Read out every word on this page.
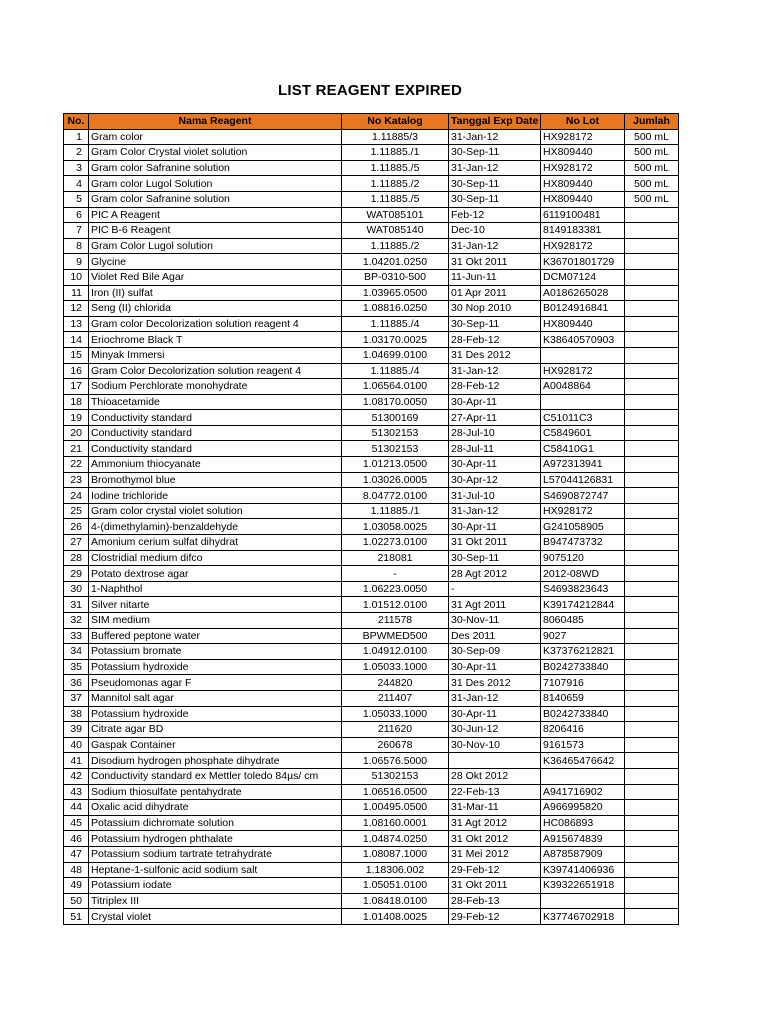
LIST REAGENT EXPIRED
No.	Nama Reagent	No Katalog	Tanggal Exp Date	No Lot	Jumlah
1	Gram color	1.11885/3	31-Jan-12	HX928172	500 mL
2	Gram Color Crystal violet solution	1.11885./1	30-Sep-11	HX809440	500 mL
3	Gram color Safranine solution	1.11885./5	31-Jan-12	HX928172	500 mL
4	Gram color Lugol Solution	1.11885./2	30-Sep-11	HX809440	500 mL
5	Gram color Safranine solution	1.11885./5	30-Sep-11	HX809440	500 mL
6	PIC A Reagent	WAT085101	Feb-12	6119100481	
7	PIC B-6 Reagent	WAT085140	Dec-10	8149183381	
8	Gram Color Lugol solution	1.11885./2	31-Jan-12	HX928172	
9	Glycine	1.04201.0250	31 Okt 2011	K36701801729	
10	Violet Red Bile Agar	BP-0310-500	11-Jun-11	DCM07124	
11	Iron (II) sulfat	1.03965.0500	01 Apr 2011	A0186265028	
12	Seng (II) chlorida	1.08816.0250	30 Nop 2010	B0124916841	
13	Gram color Decolorization solution reagent 4	1.11885./4	30-Sep-11	HX809440	
14	Eriochrome Black T	1.03170.0025	28-Feb-12	K38640570903	
15	Minyak Immersi	1.04699.0100	31 Des 2012		
16	Gram Color Decolorization solution reagent 4	1.11885./4	31-Jan-12	HX928172	
17	Sodium Perchlorate monohydrate	1.06564.0100	28-Feb-12	A0048864	
18	Thioacetamide	1.08170.0050	30-Apr-11		
19	Conductivity standard	51300169	27-Apr-11	C51011C3	
20	Conductivity standard	51302153	28-Jul-10	C5849601	
21	Conductivity standard	51302153	28-Jul-11	C58410G1	
22	Ammonium thiocyanate	1.01213.0500	30-Apr-11	A972313941	
23	Bromothymol blue	1.03026.0005	30-Apr-12	L57044126831	
24	Iodine trichloride	8.04772.0100	31-Jul-10	S4690872747	
25	Gram color crystal violet solution	1.11885./1	31-Jan-12	HX928172	
26	4-(dimethylamin)-benzaldehyde	1.03058.0025	30-Apr-11	G241058905	
27	Amonium cerium sulfat dihydrat	1.02273.0100	31 Okt 2011	B947473732	
28	Clostridial medium difco	218081	30-Sep-11	9075120	
29	Potato dextrose agar	-	28 Agt 2012	2012-08WD	
30	1-Naphthol	1.06223.0050	-	S4693823643	
31	Silver nitarte	1.01512.0100	31 Agt 2011	K39174212844	
32	SIM medium	211578	30-Nov-11	8060485	
33	Buffered peptone water	BPWMED500	Des 2011	9027	
34	Potassium bromate	1.04912.0100	30-Sep-09	K37376212821	
35	Potassium hydroxide	1.05033.1000	30-Apr-11	B0242733840	
36	Pseudomonas agar F	244820	31 Des 2012	7107916	
37	Mannitol salt agar	211407	31-Jan-12	8140659	
38	Potassium hydroxide	1.05033.1000	30-Apr-11	B0242733840	
39	Citrate agar BD	211620	30-Jun-12	8206416	
40	Gaspak Container	260678	30-Nov-10	9161573	
41	Disodium hydrogen phosphate dihydrate	1.06576.5000		K36465476642	
42	Conductivity standard ex Mettler toledo 84µs/ cm	51302153	28 Okt 2012		
43	Sodium thiosulfate pentahydrate	1.06516.0500	22-Feb-13	A941716902	
44	Oxalic acid dihydrate	1.00495.0500	31-Mar-11	A966995820	
45	Potassium dichromate solution	1.08160.0001	31 Agt 2012	HC086893	
46	Potassium hydrogen phthalate	1.04874.0250	31 Okt 2012	A915674839	
47	Potassium sodium tartrate tetrahydrate	1.08087.1000	31 Mei 2012	A878587909	
48	Heptane-1-sulfonic acid sodium salt	1.18306.002	29-Feb-12	K39741406936	
49	Potassium iodate	1.05051.0100	31 Okt 2011	K39322651918	
50	Titriplex III	1.08418.0100	28-Feb-13		
51	Crystal violet	1.01408.0025	29-Feb-12	K37746702918	
